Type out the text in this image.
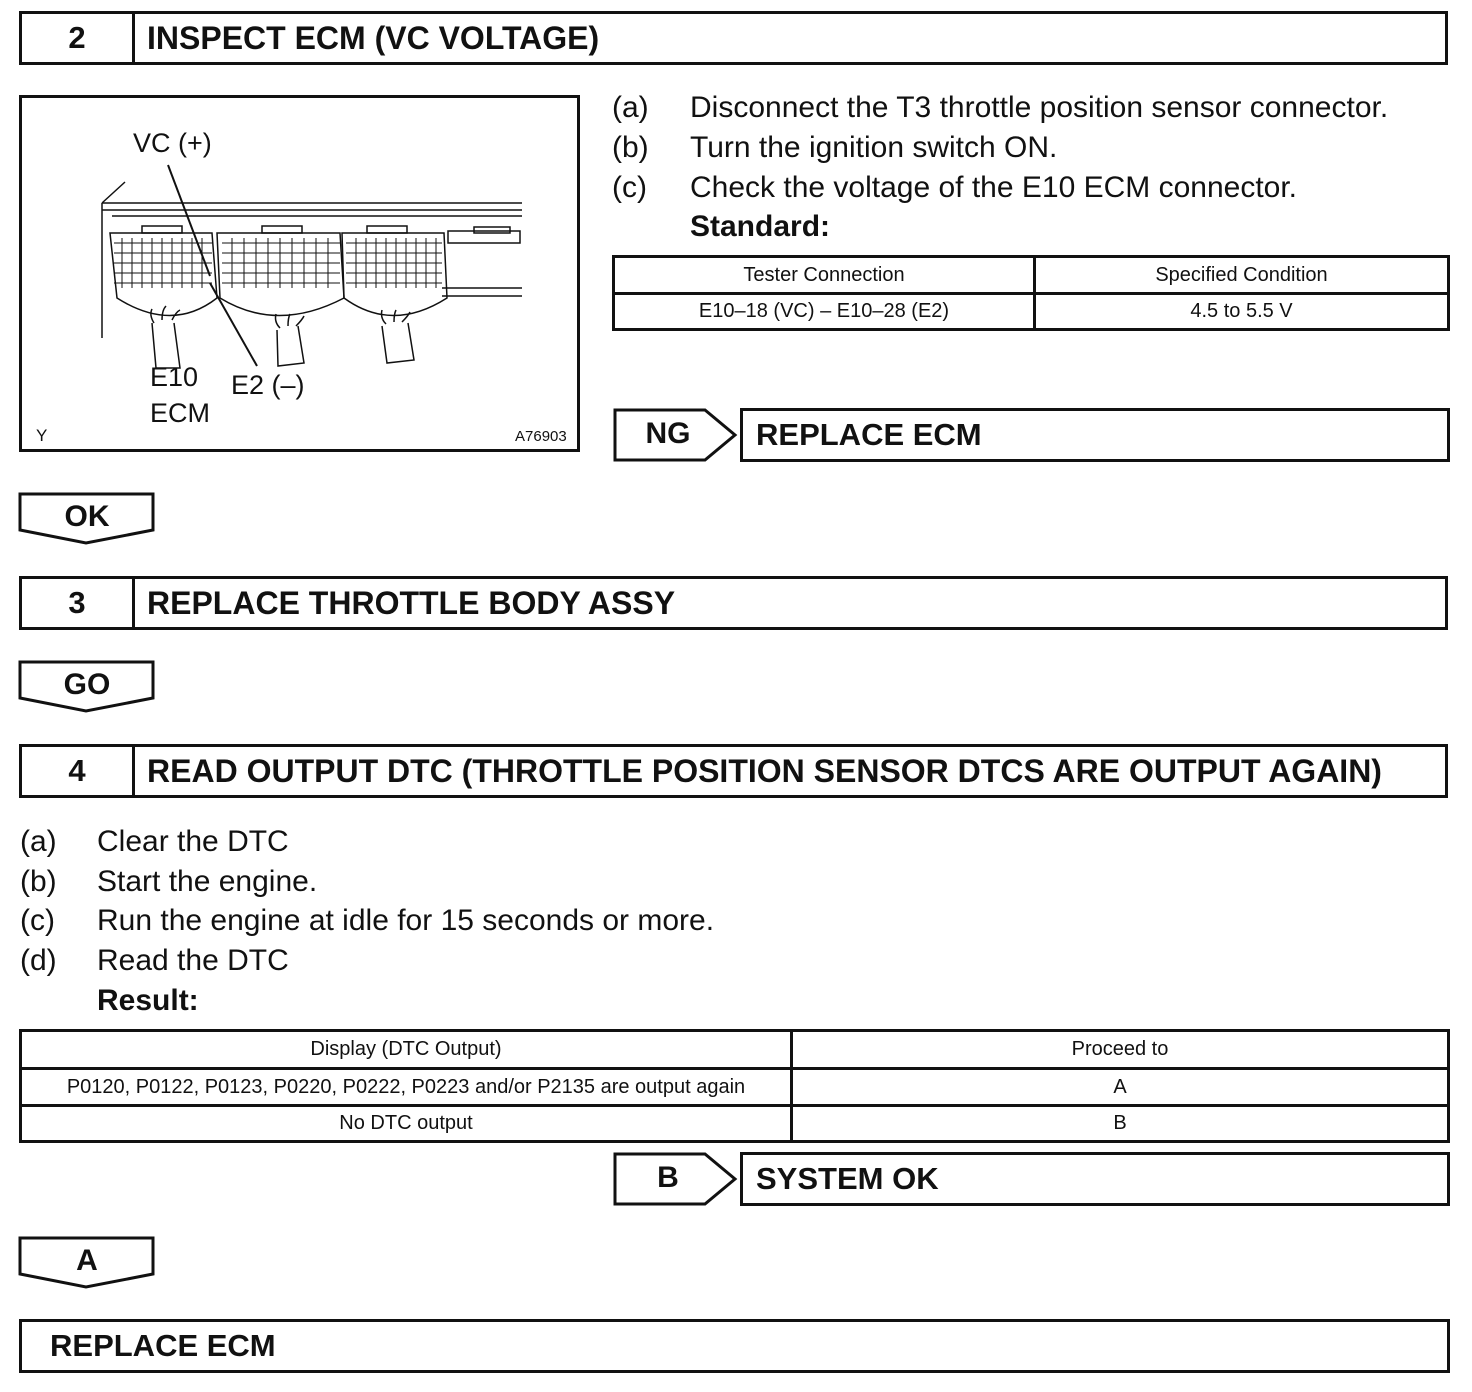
2	INSPECT ECM (VC VOLTAGE)
VC (+)
E10 E2 (–)
ECM
Y	A76903
(a) Disconnect the T3 throttle position sensor connector.
(b) Turn the ignition switch ON.
(c) Check the voltage of the E10 ECM connector.
Standard:
Tester Connection	Specified Condition
E10–18 (VC) – E10–28 (E2)	4.5 to 5.5 V
NG	REPLACE ECM
OK
3	REPLACE THROTTLE BODY ASSY
GO
4	READ OUTPUT DTC (THROTTLE POSITION SENSOR DTCS ARE OUTPUT AGAIN)
(a) Clear the DTC
(b) Start the engine.
(c) Run the engine at idle for 15 seconds or more.
(d) Read the DTC
Result:
Display (DTC Output)	Proceed to
P0120, P0122, P0123, P0220, P0222, P0223 and/or P2135 are output again	A
No DTC output	B
B	SYSTEM OK
A
REPLACE ECM
